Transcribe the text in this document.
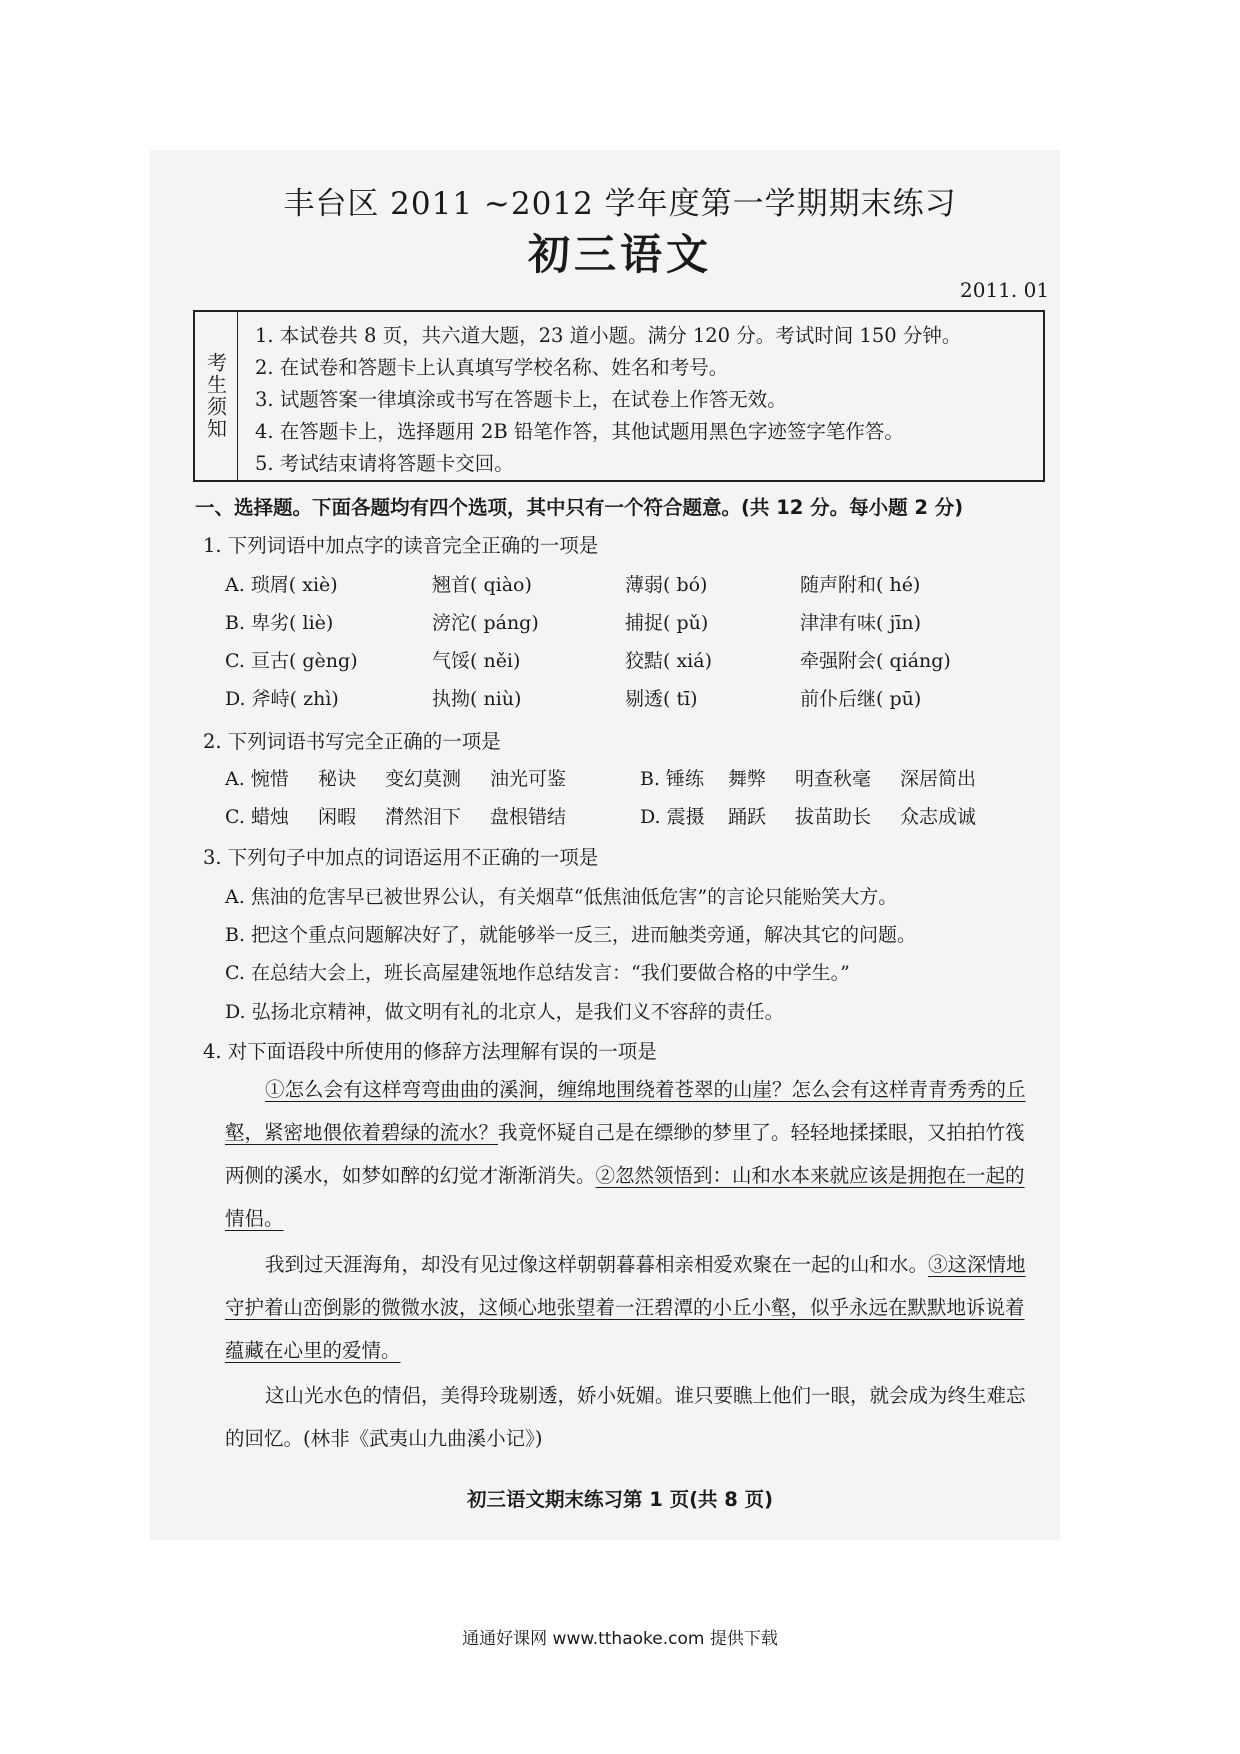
丰台区 2011 ~2012 学年度第一学期期末练习
初三语文
2011. 01
考生须知
1. 本试卷共 8 页，共六道大题，23 道小题。满分 120 分。考试时间 150 分钟。
2. 在试卷和答题卡上认真填写学校名称、姓名和考号。
3. 试题答案一律填涂或书写在答题卡上，在试卷上作答无效。
4. 在答题卡上，选择题用 2B 铅笔作答，其他试题用黑色字迹签字笔作答。
5. 考试结束请将答题卡交回。
一、选择题。下面各题均有四个选项，其中只有一个符合题意。(共 12 分。每小题 2 分)
1. 下列词语中加点字的读音完全正确的一项是
A. 琐屑( xiè)	翘首( qiào)	薄弱( bó)	随声附和( hé)
B. 卑劣( liè)	滂沱( páng)	捕捉( pǔ)	津津有味( jīn)
C. 亘古( gèng)	气馁( něi)	狡黠( xiá)	牵强附会( qiáng)
D. 斧峙( zhì)	执拗( niù)	剔透( tī)	前仆后继( pū)
2. 下列词语书写完全正确的一项是
A. 惋惜 秘诀 变幻莫测 油光可鉴	B. 锤练 舞弊 明查秋毫 深居简出
C. 蜡烛 闲暇 潸然泪下 盘根错结	D. 震摄 踊跃 拔苗助长 众志成诚
3. 下列句子中加点的词语运用不正确的一项是
A. 焦油的危害早已被世界公认，有关烟草“低焦油低危害”的言论只能贻笑大方。
B. 把这个重点问题解决好了，就能够举一反三，进而触类旁通，解决其它的问题。
C. 在总结大会上，班长高屋建瓴地作总结发言：“我们要做合格的中学生。”
D. 弘扬北京精神，做文明有礼的北京人，是我们义不容辞的责任。
4. 对下面语段中所使用的修辞方法理解有误的一项是
①怎么会有这样弯弯曲曲的溪涧，缠绵地围绕着苍翠的山崖？怎么会有这样青青秀秀的丘壑，紧密地偎依着碧绿的流水？我竟怀疑自己是在缥缈的梦里了。轻轻地揉揉眼，又拍拍竹筏两侧的溪水，如梦如醉的幻觉才渐渐消失。②忽然领悟到：山和水本来就应该是拥抱在一起的情侣。
我到过天涯海角，却没有见过像这样朝朝暮暮相亲相爱欢聚在一起的山和水。③这深情地守护着山峦倒影的微微水波，这倾心地张望着一汪碧潭的小丘小壑，似乎永远在默默地诉说着蕴藏在心里的爱情。
这山光水色的情侣，美得玲珑剔透，娇小妩媚。谁只要瞧上他们一眼，就会成为终生难忘的回忆。(林非《武夷山九曲溪小记》)
初三语文期末练习第 1 页(共 8 页)
通通好课网 www.tthaoke.com 提供下载
